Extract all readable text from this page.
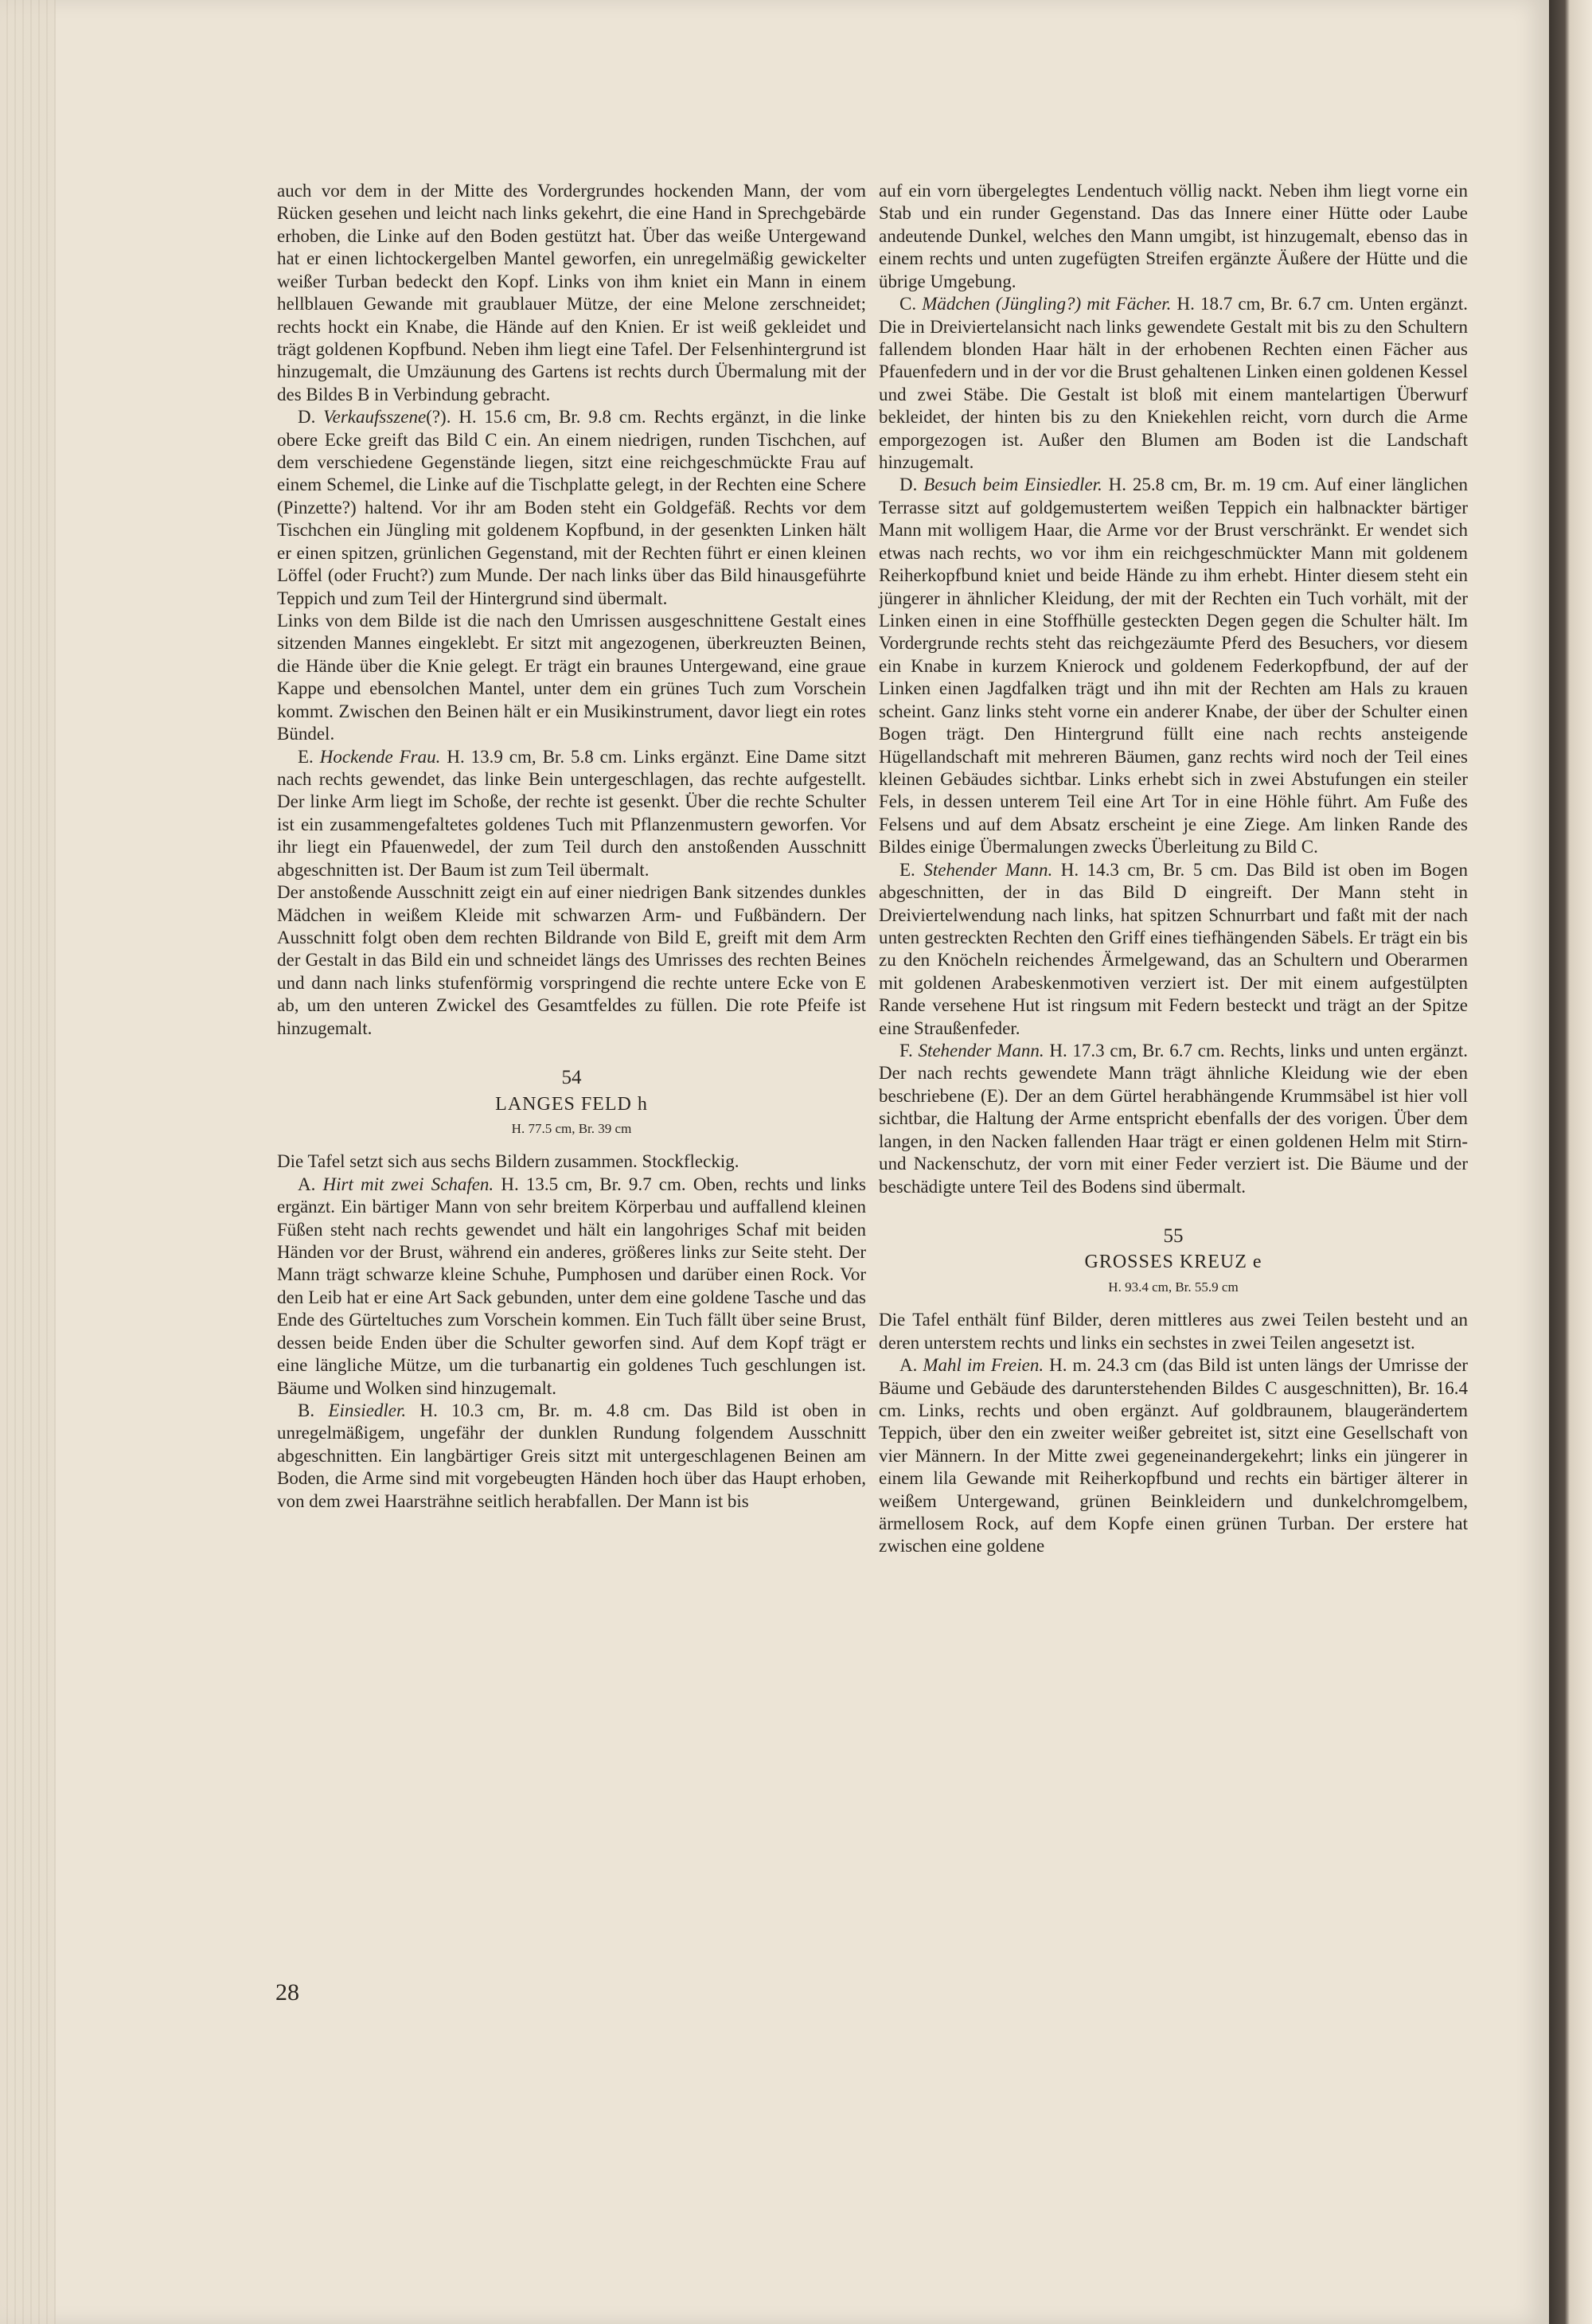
auch vor dem in der Mitte des Vordergrundes hockenden Mann, der vom Rücken gesehen und leicht nach links gekehrt, die eine Hand in Sprechgebärde erhoben, die Linke auf den Boden gestützt hat. Über das weiße Untergewand hat er einen lichtockergelben Mantel geworfen, ein unregelmäßig gewickelter weißer Turban bedeckt den Kopf. Links von ihm kniet ein Mann in einem hellblauen Gewande mit graublauer Mütze, der eine Melone zerschneidet; rechts hockt ein Knabe, die Hände auf den Knien. Er ist weiß gekleidet und trägt goldenen Kopfbund. Neben ihm liegt eine Tafel. Der Felsenhintergrund ist hinzugemalt, die Umzäunung des Gartens ist rechts durch Übermalung mit der des Bildes B in Verbindung gebracht.

D. Verkaufsszene(?). H. 15.6 cm, Br. 9.8 cm. Rechts ergänzt, in die linke obere Ecke greift das Bild C ein. An einem niedrigen, runden Tischchen, auf dem verschiedene Gegenstände liegen, sitzt eine reichgeschmückte Frau auf einem Schemel, die Linke auf die Tischplatte gelegt, in der Rechten eine Schere (Pinzette?) haltend. Vor ihr am Boden steht ein Goldgefäß. Rechts vor dem Tischchen ein Jüngling mit goldenem Kopfbund, in der gesenkten Linken hält er einen spitzen, grünlichen Gegenstand, mit der Rechten führt er einen kleinen Löffel (oder Frucht?) zum Munde. Der nach links über das Bild hinausgeführte Teppich und zum Teil der Hintergrund sind übermalt.

Links von dem Bilde ist die nach den Umrissen ausgeschnittene Gestalt eines sitzenden Mannes eingeklebt. Er sitzt mit angezogenen, überkreuzten Beinen, die Hände über die Knie gelegt. Er trägt ein braunes Untergewand, eine graue Kappe und ebensolchen Mantel, unter dem ein grünes Tuch zum Vorschein kommt. Zwischen den Beinen hält er ein Musikinstrument, davor liegt ein rotes Bündel.

E. Hockende Frau. H. 13.9 cm, Br. 5.8 cm. Links ergänzt. Eine Dame sitzt nach rechts gewendet, das linke Bein untergeschlagen, das rechte aufgestellt. Der linke Arm liegt im Schoße, der rechte ist gesenkt. Über die rechte Schulter ist ein zusammengefaltetes goldenes Tuch mit Pflanzenmustern geworfen. Vor ihr liegt ein Pfauenwedel, der zum Teil durch den anstoßenden Ausschnitt abgeschnitten ist. Der Baum ist zum Teil übermalt.

Der anstoßende Ausschnitt zeigt ein auf einer niedrigen Bank sitzendes dunkles Mädchen in weißem Kleide mit schwarzen Arm- und Fußbändern. Der Ausschnitt folgt oben dem rechten Bildrande von Bild E, greift mit dem Arm der Gestalt in das Bild ein und schneidet längs des Umrisses des rechten Beines und dann nach links stufenförmig vorspringend die rechte untere Ecke von E ab, um den unteren Zwickel des Gesamtfeldes zu füllen. Die rote Pfeife ist hinzugemalt.

54
LANGES FELD h
H. 77.5 cm, Br. 39 cm

Die Tafel setzt sich aus sechs Bildern zusammen. Stockfleckig.

A. Hirt mit zwei Schafen. H. 13.5 cm, Br. 9.7 cm. Oben, rechts und links ergänzt. Ein bärtiger Mann von sehr breitem Körperbau und auffallend kleinen Füßen steht nach rechts gewendet und hält ein langohriges Schaf mit beiden Händen vor der Brust, während ein anderes, größeres links zur Seite steht. Der Mann trägt schwarze kleine Schuhe, Pumphosen und darüber einen Rock. Vor den Leib hat er eine Art Sack gebunden, unter dem eine goldene Tasche und das Ende des Gürteltuches zum Vorschein kommen. Ein Tuch fällt über seine Brust, dessen beide Enden über die Schulter geworfen sind. Auf dem Kopf trägt er eine längliche Mütze, um die turbanartig ein goldenes Tuch geschlungen ist. Bäume und Wolken sind hinzugemalt.

B. Einsiedler. H. 10.3 cm, Br. m. 4.8 cm. Das Bild ist oben in unregelmäßigem, ungefähr der dunklen Rundung folgendem Ausschnitt abgeschnitten. Ein langbärtiger Greis sitzt mit untergeschlagenen Beinen am Boden, die Arme sind mit vorgebeugten Händen hoch über das Haupt erhoben, von dem zwei Haarsträhne seitlich herabfallen. Der Mann ist bis

auf ein vorn übergelegtes Lendentuch völlig nackt. Neben ihm liegt vorne ein Stab und ein runder Gegenstand. Das das Innere einer Hütte oder Laube andeutende Dunkel, welches den Mann umgibt, ist hinzugemalt, ebenso das in einem rechts und unten zugefügten Streifen ergänzte Äußere der Hütte und die übrige Umgebung.

C. Mädchen (Jüngling?) mit Fächer. H. 18.7 cm, Br. 6.7 cm. Unten ergänzt. Die in Dreiviertelansicht nach links gewendete Gestalt mit bis zu den Schultern fallendem blonden Haar hält in der erhobenen Rechten einen Fächer aus Pfauenfedern und in der vor die Brust gehaltenen Linken einen goldenen Kessel und zwei Stäbe. Die Gestalt ist bloß mit einem mantelartigen Überwurf bekleidet, der hinten bis zu den Kniekehlen reicht, vorn durch die Arme emporgezogen ist. Außer den Blumen am Boden ist die Landschaft hinzugemalt.

D. Besuch beim Einsiedler. H. 25.8 cm, Br. m. 19 cm. Auf einer länglichen Terrasse sitzt auf goldgemustertem weißen Teppich ein halbnackter bärtiger Mann mit wolligem Haar, die Arme vor der Brust verschränkt. Er wendet sich etwas nach rechts, wo vor ihm ein reichgeschmückter Mann mit goldenem Reiherkopfbund kniet und beide Hände zu ihm erhebt. Hinter diesem steht ein jüngerer in ähnlicher Kleidung, der mit der Rechten ein Tuch vorhält, mit der Linken einen in eine Stoffhülle gesteckten Degen gegen die Schulter hält. Im Vordergrunde rechts steht das reichgezäumte Pferd des Besuchers, vor diesem ein Knabe in kurzem Knierock und goldenem Federkopfbund, der auf der Linken einen Jagdfalken trägt und ihn mit der Rechten am Hals zu krauen scheint. Ganz links steht vorne ein anderer Knabe, der über der Schulter einen Bogen trägt. Den Hintergrund füllt eine nach rechts ansteigende Hügellandschaft mit mehreren Bäumen, ganz rechts wird noch der Teil eines kleinen Gebäudes sichtbar. Links erhebt sich in zwei Abstufungen ein steiler Fels, in dessen unterem Teil eine Art Tor in eine Höhle führt. Am Fuße des Felsens und auf dem Absatz erscheint je eine Ziege. Am linken Rande des Bildes einige Übermalungen zwecks Überleitung zu Bild C.

E. Stehender Mann. H. 14.3 cm, Br. 5 cm. Das Bild ist oben im Bogen abgeschnitten, der in das Bild D eingreift. Der Mann steht in Dreiviertelwendung nach links, hat spitzen Schnurrbart und faßt mit der nach unten gestreckten Rechten den Griff eines tiefhängenden Säbels. Er trägt ein bis zu den Knöcheln reichendes Ärmelgewand, das an Schultern und Oberarmen mit goldenen Arabeskenmotiven verziert ist. Der mit einem aufgestülpten Rande versehene Hut ist ringsum mit Federn besteckt und trägt an der Spitze eine Straußenfeder.

F. Stehender Mann. H. 17.3 cm, Br. 6.7 cm. Rechts, links und unten ergänzt. Der nach rechts gewendete Mann trägt ähnliche Kleidung wie der eben beschriebene (E). Der an dem Gürtel herabhängende Krummsäbel ist hier voll sichtbar, die Haltung der Arme entspricht ebenfalls der des vorigen. Über dem langen, in den Nacken fallenden Haar trägt er einen goldenen Helm mit Stirn- und Nackenschutz, der vorn mit einer Feder verziert ist. Die Bäume und der beschädigte untere Teil des Bodens sind übermalt.

55
GROSSES KREUZ e
H. 93.4 cm, Br. 55.9 cm

Die Tafel enthält fünf Bilder, deren mittleres aus zwei Teilen besteht und an deren unterstem rechts und links ein sechstes in zwei Teilen angesetzt ist.

A. Mahl im Freien. H. m. 24.3 cm (das Bild ist unten längs der Umrisse der Bäume und Gebäude des darunterstehenden Bildes C ausgeschnitten), Br. 16.4 cm. Links, rechts und oben ergänzt. Auf goldbraunem, blaugerändertem Teppich, über den ein zweiter weißer gebreitet ist, sitzt eine Gesellschaft von vier Männern. In der Mitte zwei gegeneinandergekehrt; links ein jüngerer in einem lila Gewande mit Reiherkopfbund und rechts ein bärtiger älterer in weißem Untergewand, grünen Beinkleidern und dunkelchromgelbem, ärmellosem Rock, auf dem Kopfe einen grünen Turban. Der erstere hat zwischen eine goldene

28
